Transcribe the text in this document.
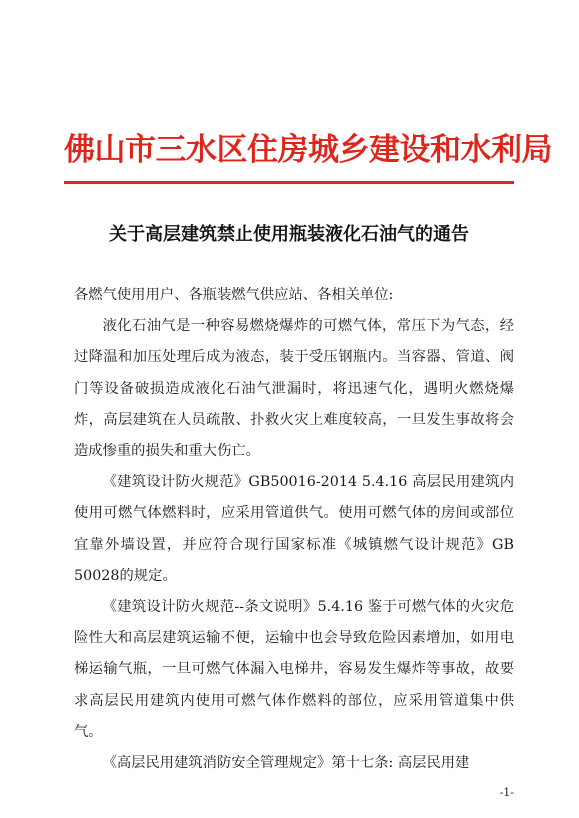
佛山市三水区住房城乡建设和水利局
关于高层建筑禁止使用瓶装液化石油气的通告

各燃气使用用户、各瓶装燃气供应站、各相关单位:

液化石油气是一种容易燃烧爆炸的可燃气体，常压下为气态，经过降温和加压处理后成为液态，装于受压钢瓶内。当容器、管道、阀门等设备破损造成液化石油气泄漏时，将迅速气化，遇明火燃烧爆炸，高层建筑在人员疏散、扑救火灾上难度较高，一旦发生事故将会造成惨重的损失和重大伤亡。

《建筑设计防火规范》GB50016-2014 5.4.16 高层民用建筑内使用可燃气体燃料时，应采用管道供气。使用可燃气体的房间或部位宜靠外墙设置，并应符合现行国家标准《城镇燃气设计规范》GB 50028的规定。

《建筑设计防火规范--条文说明》5.4.16 鉴于可燃气体的火灾危险性大和高层建筑运输不便，运输中也会导致危险因素增加，如用电梯运输气瓶，一旦可燃气体漏入电梯井，容易发生爆炸等事故，故要求高层民用建筑内使用可燃气体作燃料的部位，应采用管道集中供气。

《高层民用建筑消防安全管理规定》第十七条: 高层民用建

-1-
